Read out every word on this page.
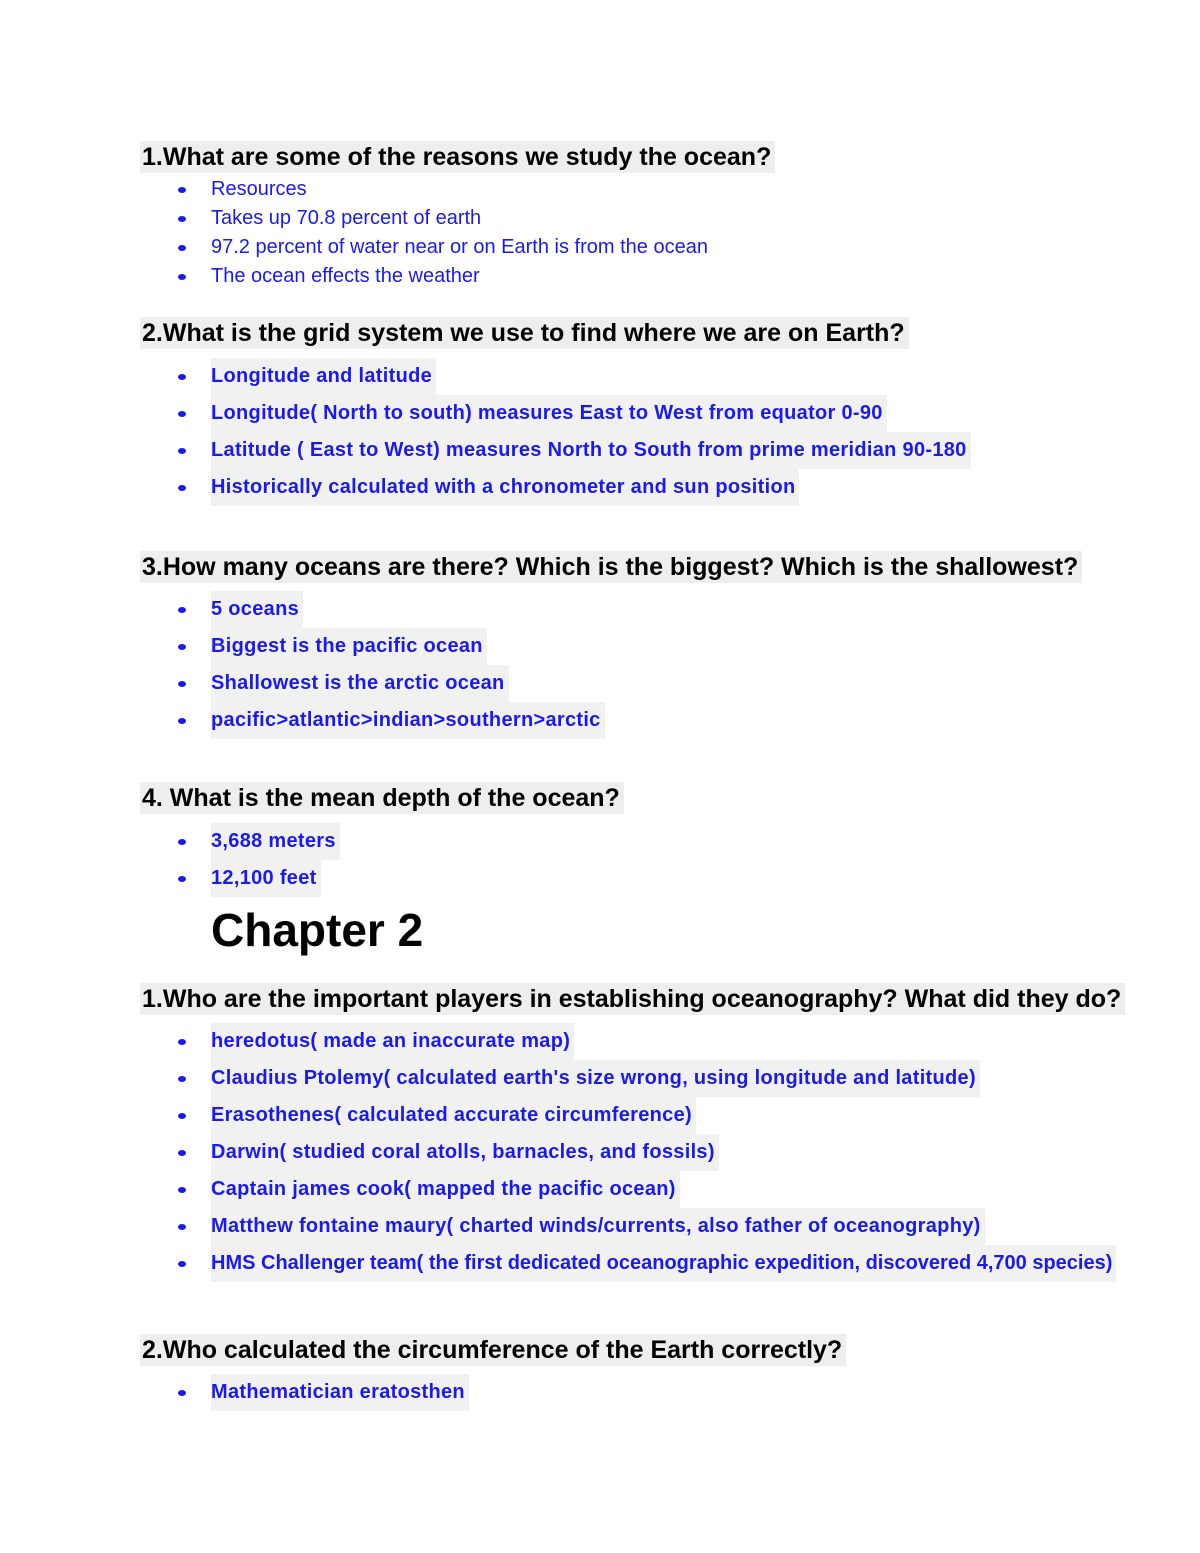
1.What are some of the reasons we study the ocean?
Resources
Takes up 70.8 percent of earth
97.2 percent of water near or on Earth is from the ocean
The ocean effects the weather
2.What is the grid system we use to find where we are on Earth?
Longitude and latitude
Longitude( North to south) measures East to West from equator 0-90
Latitude ( East to West) measures North to South from prime meridian 90-180
Historically calculated with a chronometer and sun position
3.How many oceans are there? Which is the biggest? Which is the shallowest?
5 oceans
Biggest is the pacific ocean
Shallowest is the arctic ocean
pacific>atlantic>indian>southern>arctic
4. What is the mean depth of the ocean?
3,688 meters
12,100 feet
Chapter 2
1.Who are the important players in establishing oceanography? What did they do?
heredotus( made an inaccurate map)
Claudius Ptolemy( calculated earth's size wrong, using longitude and latitude)
Erasothenes( calculated accurate circumference)
Darwin( studied coral atolls, barnacles, and fossils)
Captain james cook( mapped the pacific ocean)
Matthew fontaine maury( charted winds/currents, also father of oceanography)
HMS Challenger team( the first dedicated oceanographic expedition, discovered 4,700 species)
2.Who calculated the circumference of the Earth correctly?
Mathematician eratosthen
